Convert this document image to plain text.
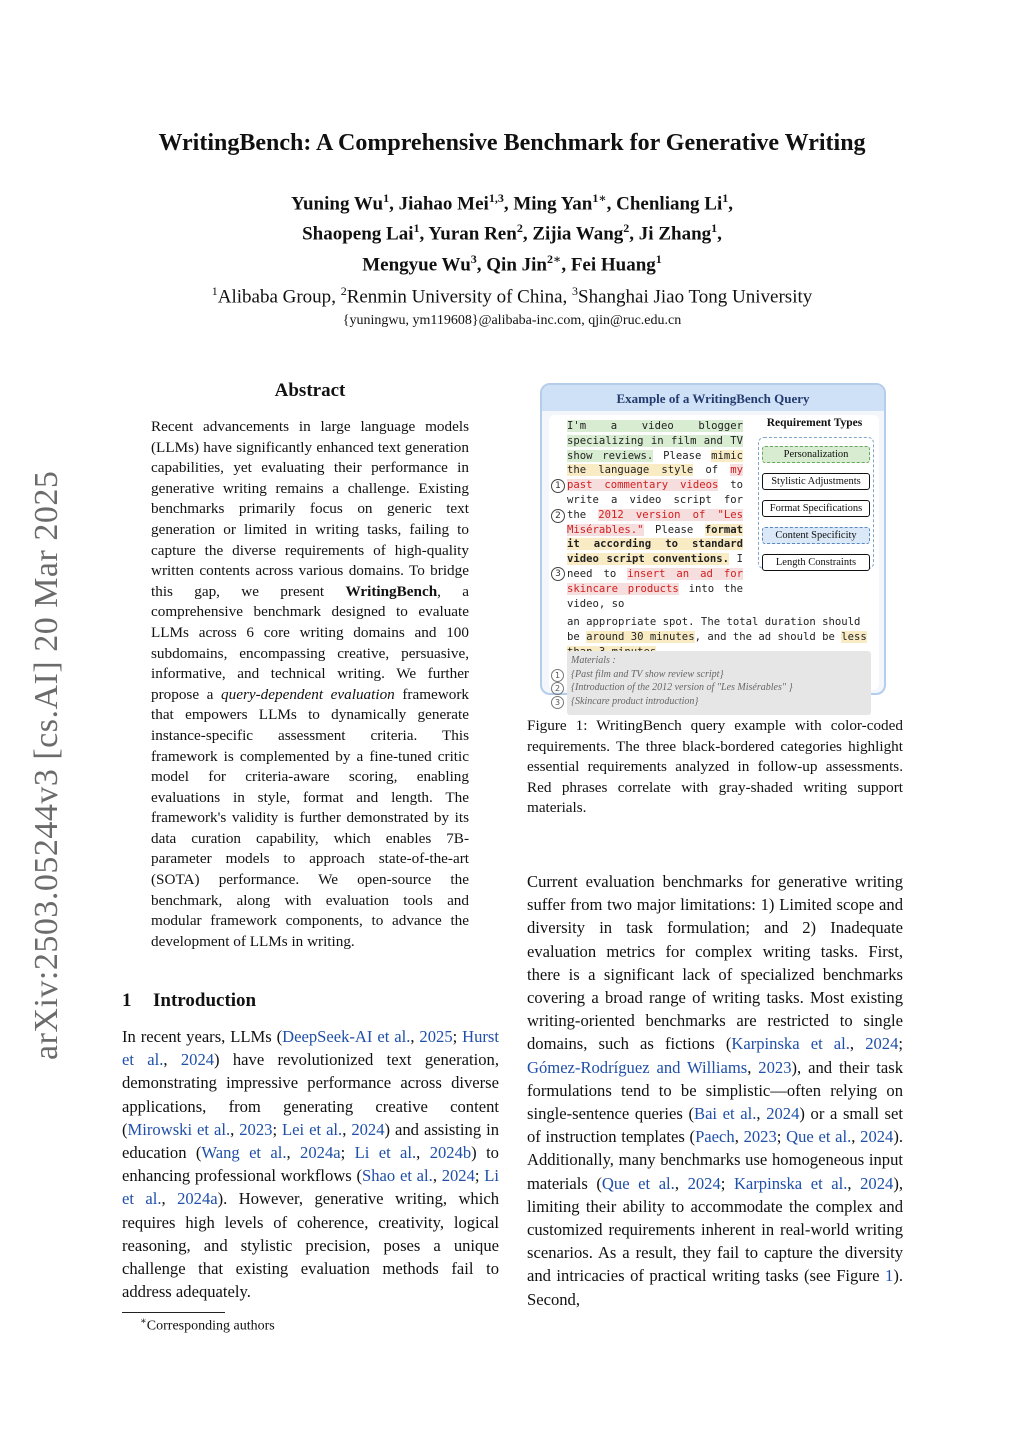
arXiv:2503.05244v3 [cs.AI] 20 Mar 2025
WritingBench: A Comprehensive Benchmark for Generative Writing
Yuning Wu$^1$, Jiahao Mei$^{1,3}$, Ming Yan$^{1∗}$, Chenliang Li$^1$,
Shaopeng Lai$^1$, Yuran Ren$^2$, Zijia Wang$^2$, Ji Zhang$^1$,
Mengyue Wu$^3$, Qin Jin$^{2∗}$, Fei Huang$^1$
$^1$Alibaba Group, $^2$Renmin University of China, $^3$Shanghai Jiao Tong University
{yuningwu, ym119608}@alibaba-inc.com, qjin@ruc.edu.cn
Abstract
Recent advancements in large language models (LLMs) have significantly enhanced text generation capabilities, yet evaluating their performance in generative writing remains a challenge. Existing benchmarks primarily focus on generic text generation or limited in writing tasks, failing to capture the diverse requirements of high-quality written contents across various domains. To bridge this gap, we present WritingBench, a comprehensive benchmark designed to evaluate LLMs across 6 core writing domains and 100 subdomains, encompassing creative, persuasive, informative, and technical writing. We further propose a query-dependent evaluation framework that empowers LLMs to dynamically generate instance-specific assessment criteria. This framework is complemented by a fine-tuned critic model for criteria-aware scoring, enabling evaluations in style, format and length. The framework's validity is further demonstrated by its data curation capability, which enables 7B-parameter models to approach state-of-the-art (SOTA) performance. We open-source the benchmark, along with evaluation tools and modular framework components, to advance the development of LLMs in writing.
1 Introduction
In recent years, LLMs (DeepSeek-AI et al., 2025; Hurst et al., 2024) have revolutionized text generation, demonstrating impressive performance across diverse applications, from generating creative content (Mirowski et al., 2023; Lei et al., 2024) and assisting in education (Wang et al., 2024a; Li et al., 2024b) to enhancing professional workflows (Shao et al., 2024; Li et al., 2024a). However, generative writing, which requires high levels of coherence, creativity, logical reasoning, and stylistic precision, poses a unique challenge that existing evaluation methods fail to address adequately.
∗Corresponding authors
Example of a WritingBench Query
1
2
3
I'm a video blogger specializing in film and TV show reviews. Please mimic the language style of my past commentary videos to write a video script for the 2012 version of "Les Misérables." Please format it according to standard video script conventions. I need to insert an ad for skincare products into the video, so
an appropriate spot. The total duration should be around 30 minutes, and the ad should be less
Requirement Types
Personalization
Stylistic Adjustments
Format Specifications
Content Specificity
Length Constraints
Materials :
1	{Past film and TV show review script}
2	{Introduction of the 2012 version of "Les Misérables" }
3	{Skincare product introduction}
Figure 1: WritingBench query example with color-coded requirements. The three black-bordered categories highlight essential requirements analyzed in follow-up assessments. Red phrases correlate with gray-shaded writing support materials.
Current evaluation benchmarks for generative writing suffer from two major limitations: 1) Limited scope and diversity in task formulation; and 2) Inadequate evaluation metrics for complex writing tasks. First, there is a significant lack of specialized benchmarks covering a broad range of writing tasks. Most existing writing-oriented benchmarks are restricted to single domains, such as fictions (Karpinska et al., 2024; Gómez-Rodríguez and Williams, 2023), and their task formulations tend to be simplistic—often relying on single-sentence queries (Bai et al., 2024) or a small set of instruction templates (Paech, 2023; Que et al., 2024). Additionally, many benchmarks use homogeneous input materials (Que et al., 2024; Karpinska et al., 2024), limiting their ability to accommodate the complex and customized requirements inherent in real-world writing scenarios. As a result, they fail to capture the diversity and intricacies of practical writing tasks (see Figure 1). Second,
